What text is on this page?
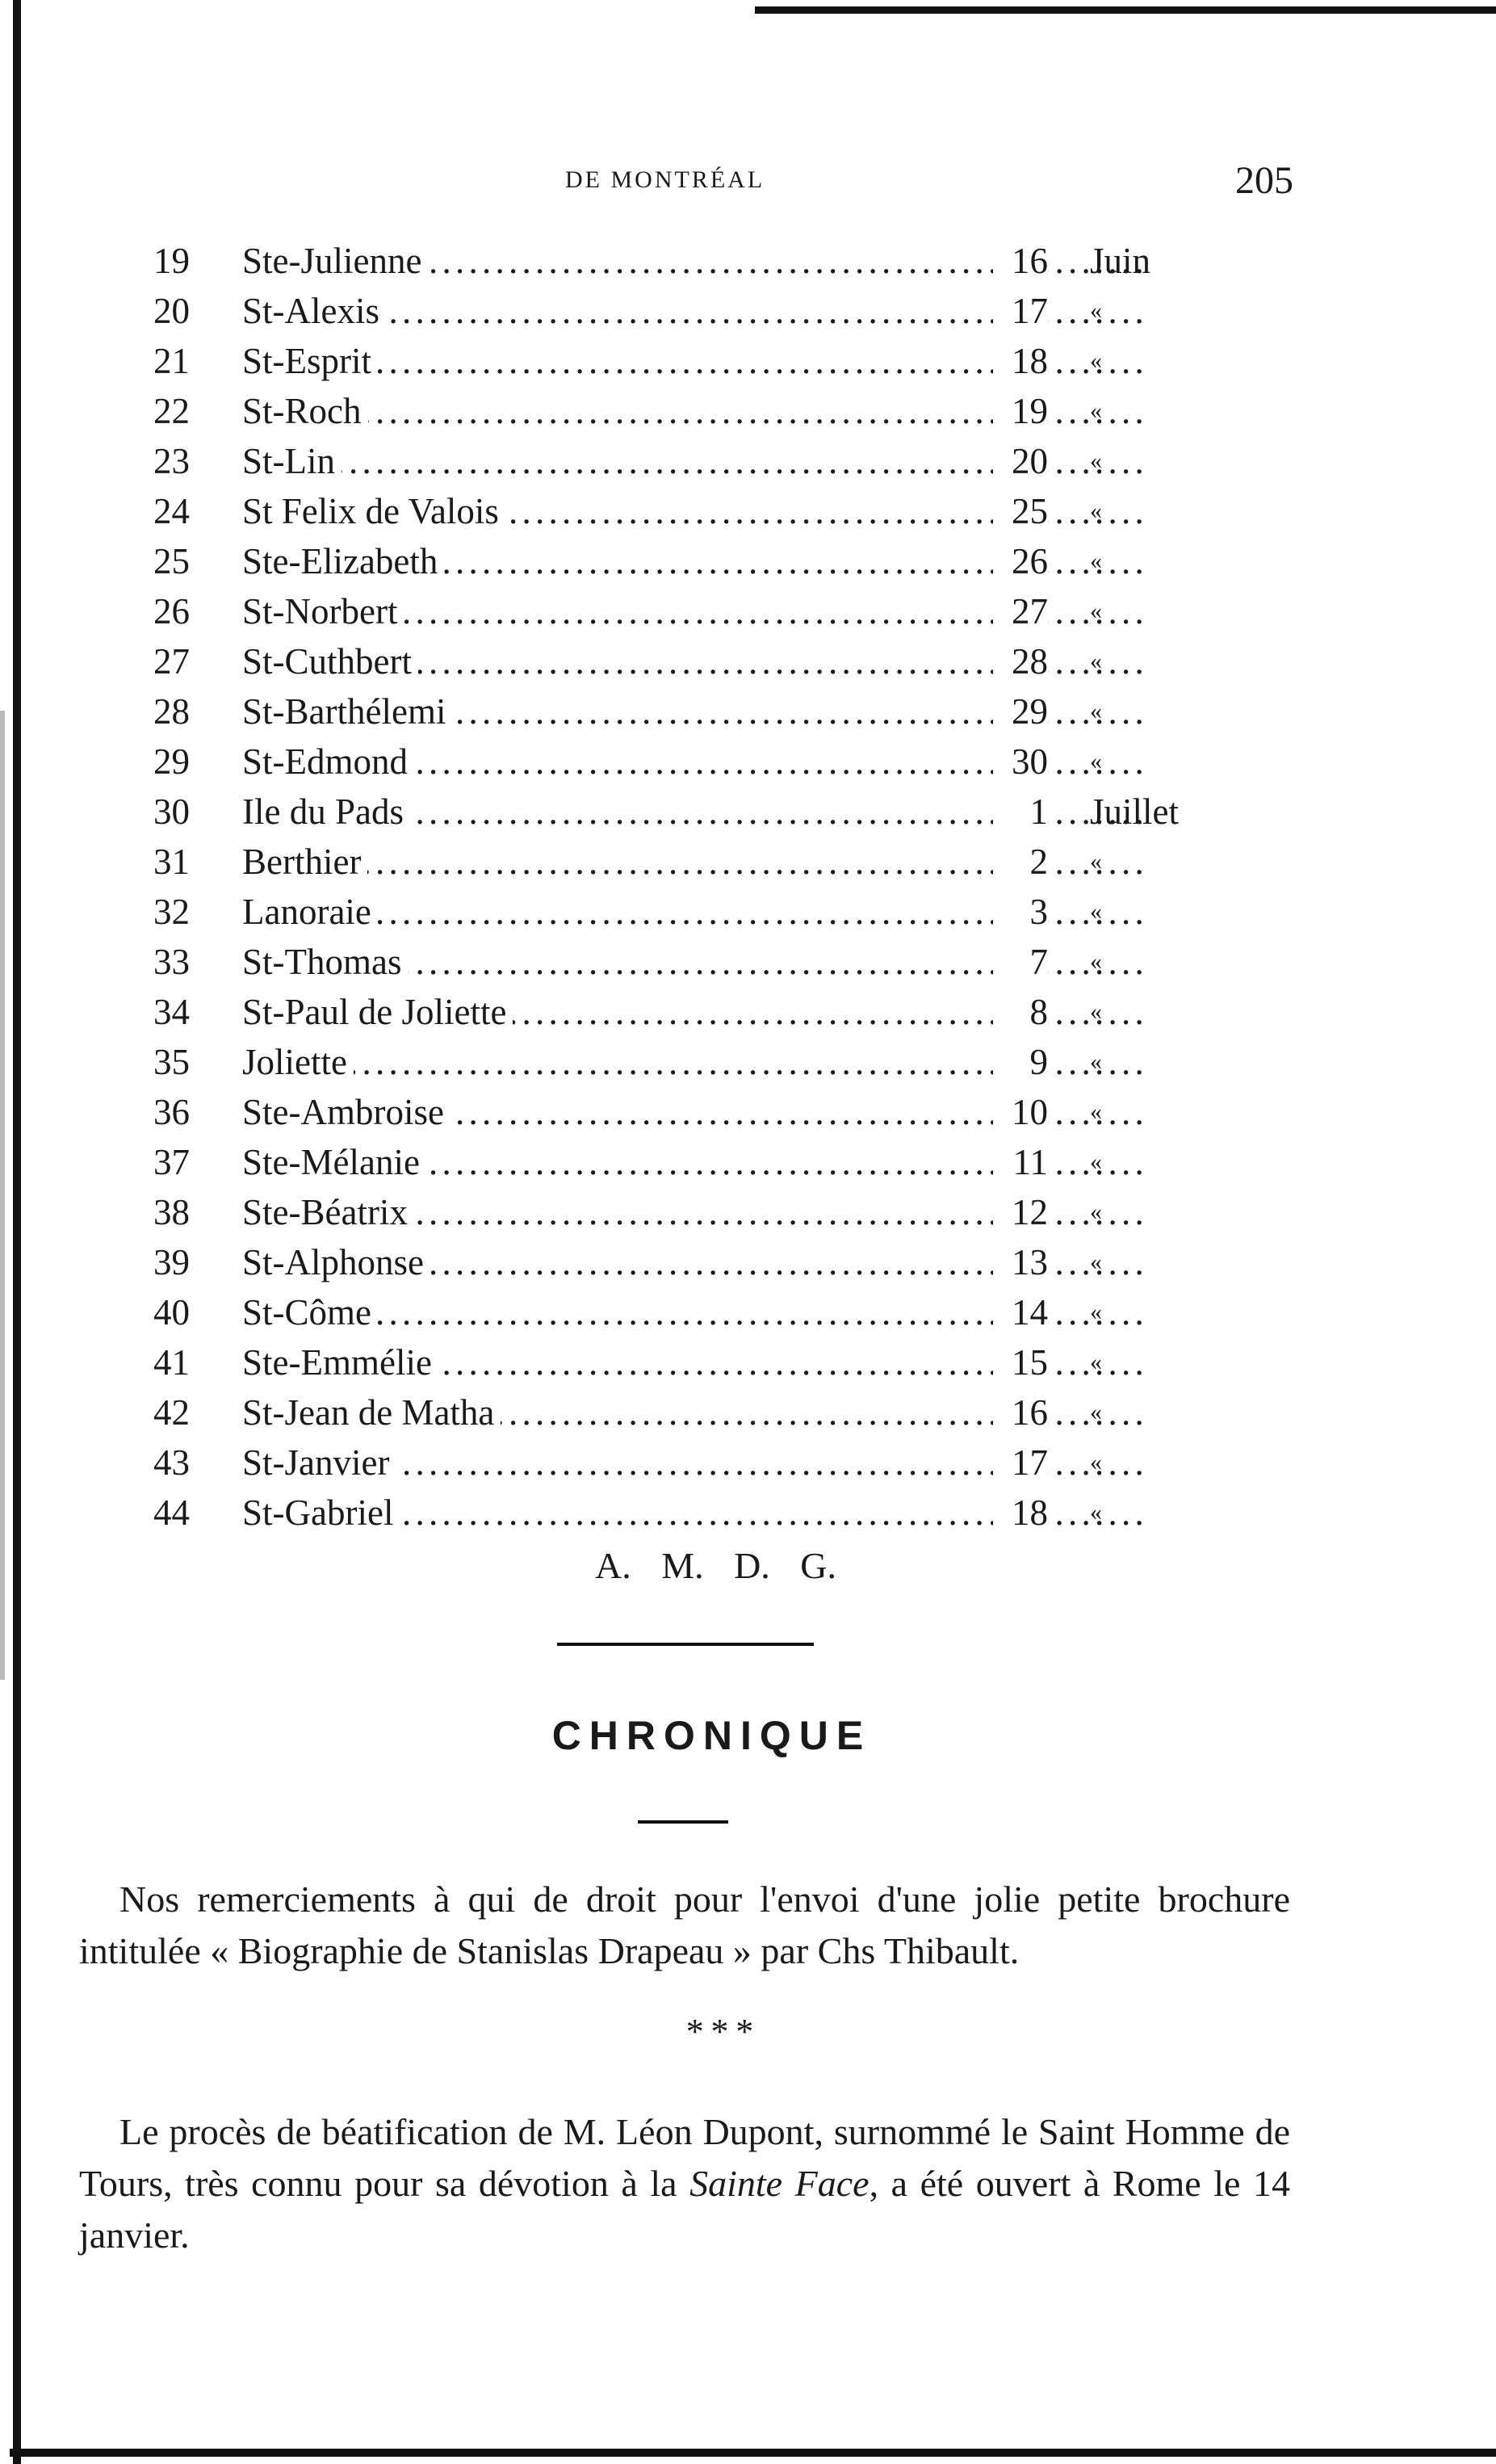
DE MONTRÉAL	205
19	Ste-Julienne . . .	16 Juin
20	St-Alexis . . .	17 «
21	St-Esprit . . .	18 «
22	St-Roch . . .	19 «
23	St-Lin . . .	20 «
24	St Felix de Valois . . .	25 «
25	Ste-Elizabeth . . .	26 «
26	St-Norbert . . .	27 «
27	St-Cuthbert . . .	28 «
28	St-Barthélemi . . .	29 «
29	St-Edmond . . .	30 «
30	Ile du Pads . . .	1 Juillet
31	Berthier . . .	2 «
32	Lanoraie . . .	3 «
33	St-Thomas . . .	7 «
34	St-Paul de Joliette . . .	8 «
35	Joliette . . .	9 «
36	Ste-Ambroise . . .	10 «
37	Ste-Mélanie . . .	11 «
38	Ste-Béatrix . . .	12 «
39	St-Alphonse . . .	13 «
40	St-Côme . . .	14 «
41	Ste-Emmélie . . .	15 «
42	St-Jean de Matha . . .	16 «
43	St-Janvier . . .	17 «
44	St-Gabriel . . .	18 «
A. M. D. G.
CHRONIQUE

Nos remerciements à qui de droit pour l'envoi d'une jolie petite brochure intitulée « Biographie de Stanislas Drapeau » par Chs Thibault.

* * *

Le procès de béatification de M. Léon Dupont, surnommé le Saint Homme de Tours, très connu pour sa dévotion à la Sainte Face, a été ouvert à Rome le 14 janvier.
